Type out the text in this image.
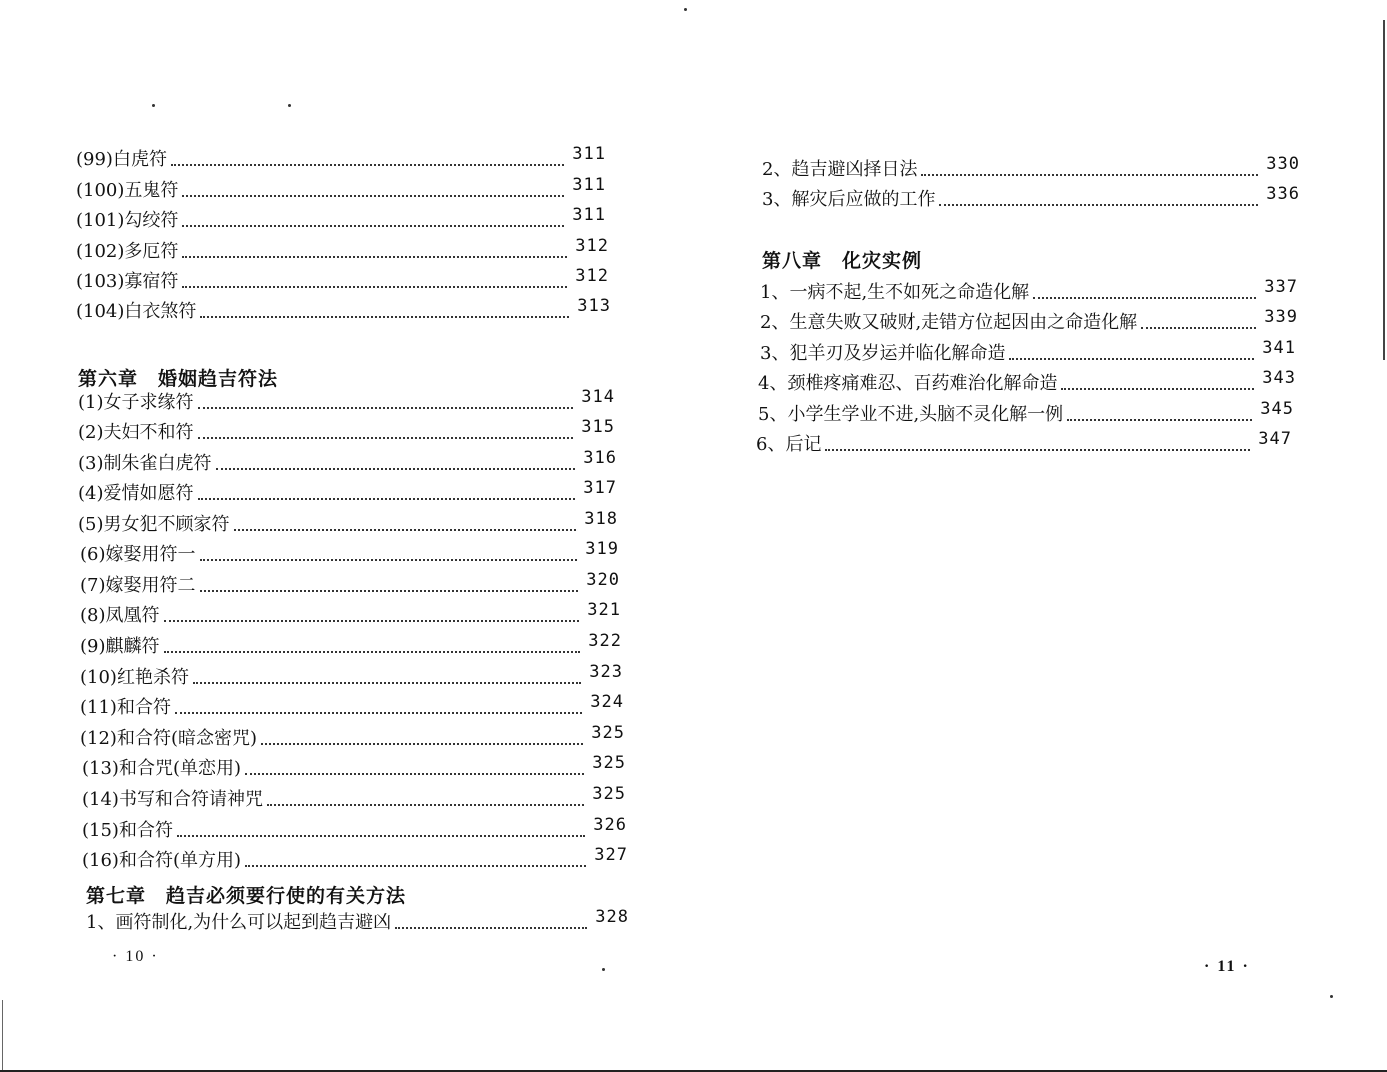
(99)白虎符	311
(100)五鬼符	311
(101)勾绞符	311
(102)多厄符	312
(103)寡宿符	312
(104)白衣煞符	313
第六章　婚姻趋吉符法
(1)女子求缘符	314
(2)夫妇不和符	315
(3)制朱雀白虎符	316
(4)爱情如愿符	317
(5)男女犯不顾家符	318
(6)嫁娶用符一	319
(7)嫁娶用符二	320
(8)凤凰符	321
(9)麒麟符	322
(10)红艳杀符	323
(11)和合符	324
(12)和合符(暗念密咒)	325
(13)和合咒(单恋用)	325
(14)书写和合符请神咒	325
(15)和合符	326
(16)和合符(单方用)	327
第七章　趋吉必须要行使的有关方法
1、画符制化,为什么可以起到趋吉避凶	328
· 10 ·
2、趋吉避凶择日法	330
3、解灾后应做的工作	336
第八章　化灾实例
1、一病不起,生不如死之命造化解	337
2、生意失败又破财,走错方位起因由之命造化解	339
3、犯羊刃及岁运并临化解命造	341
4、颈椎疼痛难忍、百药难治化解命造	343
5、小学生学业不进,头脑不灵化解一例	345
6、后记	347
· 11 ·
